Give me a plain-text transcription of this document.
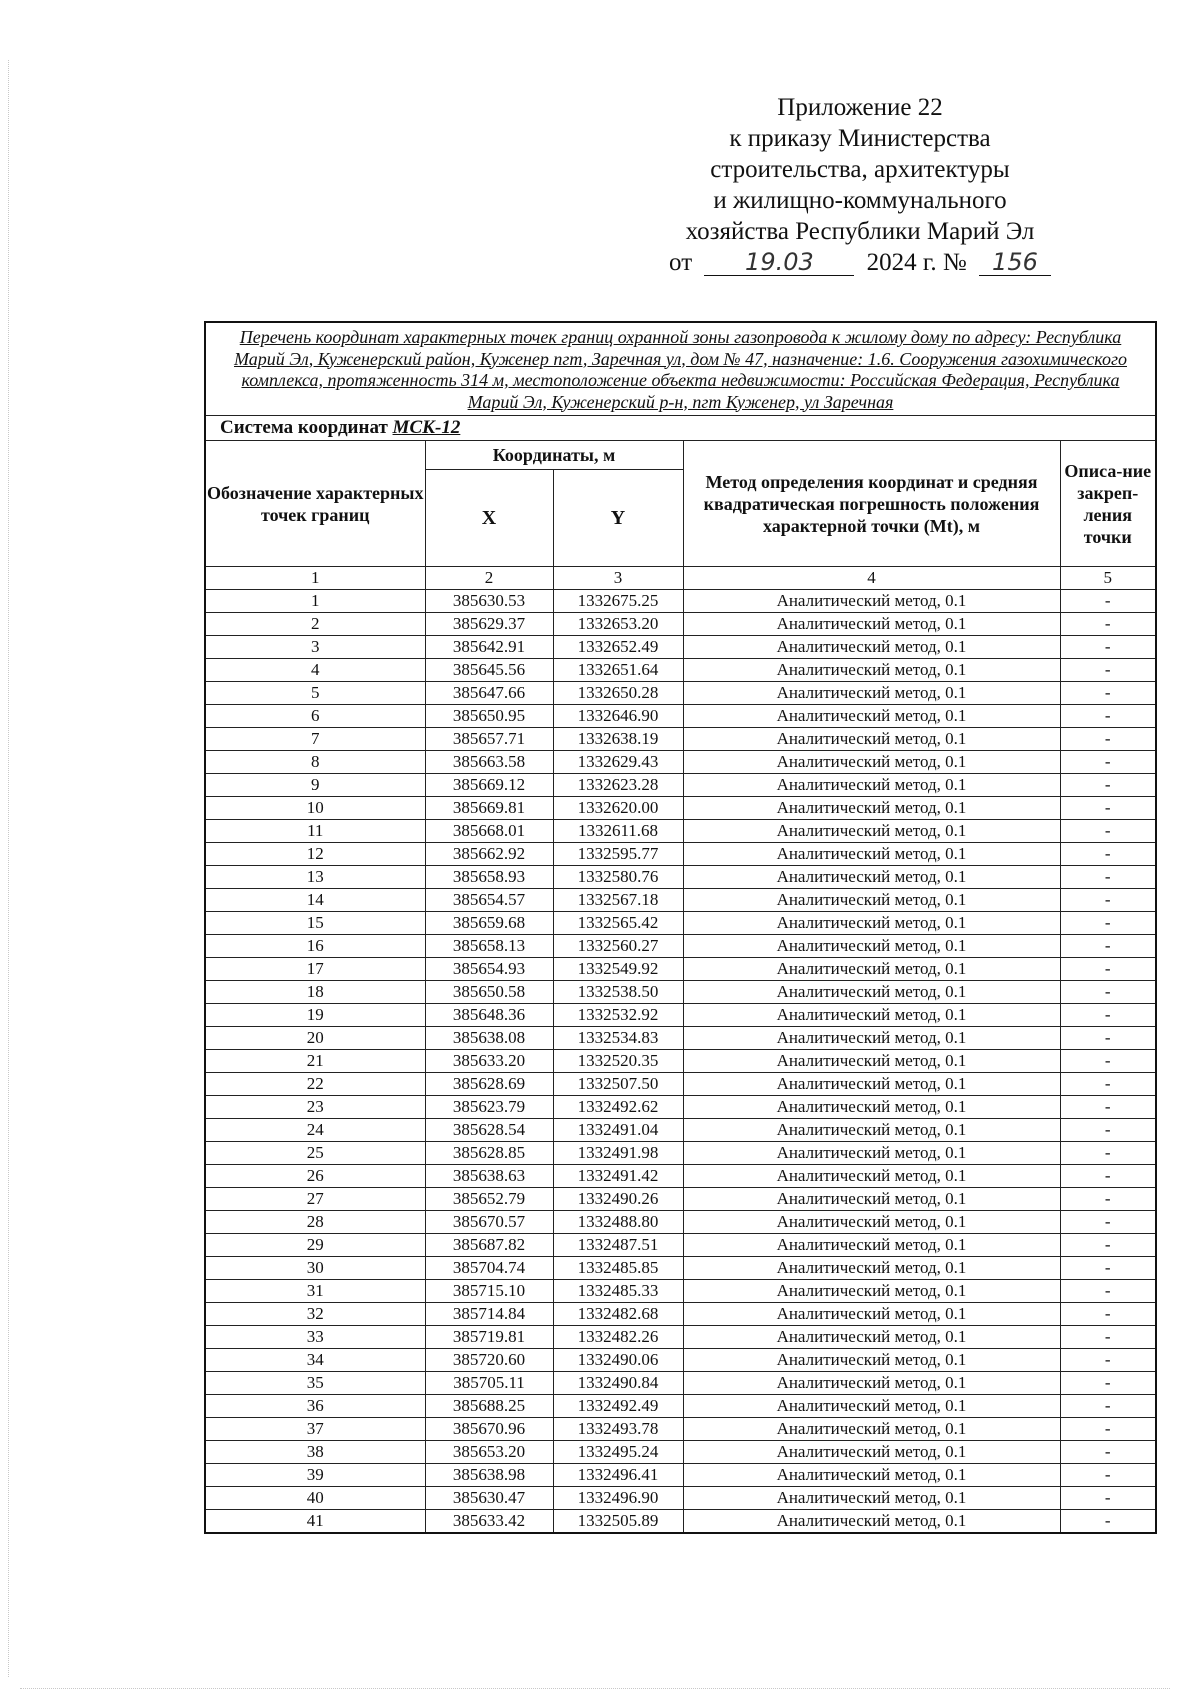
Приложение 22
к приказу Министерства
строительства, архитектуры
и жилищно-коммунального
хозяйства Республики Марий Эл
от 19.03 2024 г. № 156
Перечень координат характерных точек границ охранной зоны газопровода к жилому дому по адресу: Республика Марий Эл, Куженерский район, Куженер пгт, Заречная ул, дом № 47, назначение: 1.6. Сооружения газохимического комплекса, протяженность 314 м, местоположение объекта недвижимости: Российская Федерация, Республика Марий Эл, Куженерский р-н, пгт Куженер, ул Заречная				
Система координат МСК-12				
Обозначение характерных точек границ	Координаты, м		Метод определения координат и средняя квадратическая погрешность положения характерной точки (Mt), м	Описа-ние закреп-ления точки
	X	Y		
1	2	3	4	5
1	385630.53	1332675.25	Аналитический метод, 0.1	-
2	385629.37	1332653.20	Аналитический метод, 0.1	-
3	385642.91	1332652.49	Аналитический метод, 0.1	-
4	385645.56	1332651.64	Аналитический метод, 0.1	-
5	385647.66	1332650.28	Аналитический метод, 0.1	-
6	385650.95	1332646.90	Аналитический метод, 0.1	-
7	385657.71	1332638.19	Аналитический метод, 0.1	-
8	385663.58	1332629.43	Аналитический метод, 0.1	-
9	385669.12	1332623.28	Аналитический метод, 0.1	-
10	385669.81	1332620.00	Аналитический метод, 0.1	-
11	385668.01	1332611.68	Аналитический метод, 0.1	-
12	385662.92	1332595.77	Аналитический метод, 0.1	-
13	385658.93	1332580.76	Аналитический метод, 0.1	-
14	385654.57	1332567.18	Аналитический метод, 0.1	-
15	385659.68	1332565.42	Аналитический метод, 0.1	-
16	385658.13	1332560.27	Аналитический метод, 0.1	-
17	385654.93	1332549.92	Аналитический метод, 0.1	-
18	385650.58	1332538.50	Аналитический метод, 0.1	-
19	385648.36	1332532.92	Аналитический метод, 0.1	-
20	385638.08	1332534.83	Аналитический метод, 0.1	-
21	385633.20	1332520.35	Аналитический метод, 0.1	-
22	385628.69	1332507.50	Аналитический метод, 0.1	-
23	385623.79	1332492.62	Аналитический метод, 0.1	-
24	385628.54	1332491.04	Аналитический метод, 0.1	-
25	385628.85	1332491.98	Аналитический метод, 0.1	-
26	385638.63	1332491.42	Аналитический метод, 0.1	-
27	385652.79	1332490.26	Аналитический метод, 0.1	-
28	385670.57	1332488.80	Аналитический метод, 0.1	-
29	385687.82	1332487.51	Аналитический метод, 0.1	-
30	385704.74	1332485.85	Аналитический метод, 0.1	-
31	385715.10	1332485.33	Аналитический метод, 0.1	-
32	385714.84	1332482.68	Аналитический метод, 0.1	-
33	385719.81	1332482.26	Аналитический метод, 0.1	-
34	385720.60	1332490.06	Аналитический метод, 0.1	-
35	385705.11	1332490.84	Аналитический метод, 0.1	-
36	385688.25	1332492.49	Аналитический метод, 0.1	-
37	385670.96	1332493.78	Аналитический метод, 0.1	-
38	385653.20	1332495.24	Аналитический метод, 0.1	-
39	385638.98	1332496.41	Аналитический метод, 0.1	-
40	385630.47	1332496.90	Аналитический метод, 0.1	-
41	385633.42	1332505.89	Аналитический метод, 0.1	-
